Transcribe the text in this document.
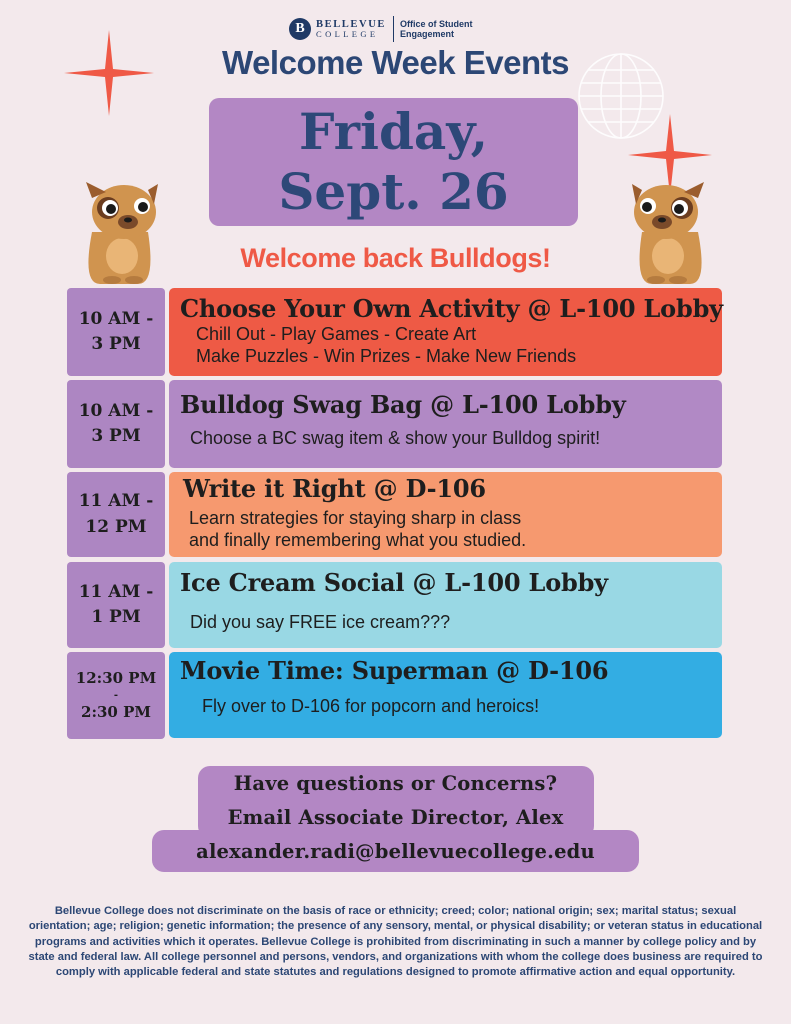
B	BELLEVUE
COLLEGE
Office of Student Engagement
Welcome Week Events
Friday,
Sept. 26
Welcome back Bulldogs!
10 AM -
3 PM
Choose Your Own Activity @ L-100 Lobby
Chill Out - Play Games - Create Art
Make Puzzles - Win Prizes - Make New Friends
10 AM -
3 PM
Bulldog Swag Bag @ L-100 Lobby
Choose a BC swag item & show your Bulldog spirit!
11 AM -
12 PM
Write it Right @ D-106
Learn strategies for staying sharp in class
and finally remembering what you studied.
11 AM -
1 PM
Ice Cream Social @ L-100 Lobby
Did you say FREE ice cream???
12:30 PM
-
2:30 PM
Movie Time: Superman @ D-106
Fly over to D-106 for popcorn and heroics!
Have questions or Concerns?
Email Associate Director, Alex
alexander.radi@bellevuecollege.edu
Bellevue College does not discriminate on the basis of race or ethnicity; creed; color; national origin; sex; marital status; sexual orientation; age; religion; genetic information; the presence of any sensory, mental, or physical disability; or veteran status in educational programs and activities which it operates. Bellevue College is prohibited from discriminating in such a manner by college policy and by state and federal law. All college personnel and persons, vendors, and organizations with whom the college does business are required to comply with applicable federal and state statutes and regulations designed to promote affirmative action and equal opportunity.
